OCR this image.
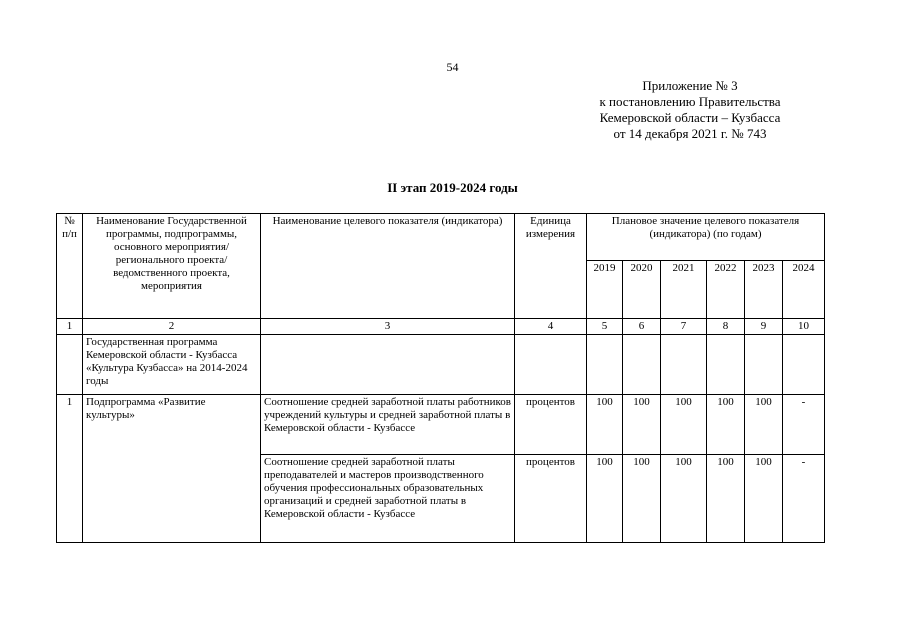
54
Приложение № 3
к постановлению Правительства
Кемеровской области – Кузбасса
от 14 декабря 2021 г. № 743
II этап 2019-2024 годы
№ п/п	Наименование Государственной программы, подпрограммы, основного мероприятия/ регионального проекта/ведомственного проекта, мероприятия	Наименование целевого показателя (индикатора)	Единица измерения	Плановое значение целевого показателя (индикатора) (по годам)					
				2019	2020	2021	2022	2023	2024
1	2	3	4	5	6	7	8	9	10
	Государственная программа Кемеровской области - Кузбасса «Культура Кузбасса» на 2014-2024 годы								
1	Подпрограмма «Развитие культуры»	Соотношение средней заработной платы работников учреждений культуры и средней заработной платы в Кемеровской области - Кузбассе	процентов	100	100	100	100	100	-
		Соотношение средней заработной платы преподавателей и мастеров производственного обучения профессиональных образовательных организаций и средней заработной платы в Кемеровской области - Кузбассе	процентов	100	100	100	100	100	-
